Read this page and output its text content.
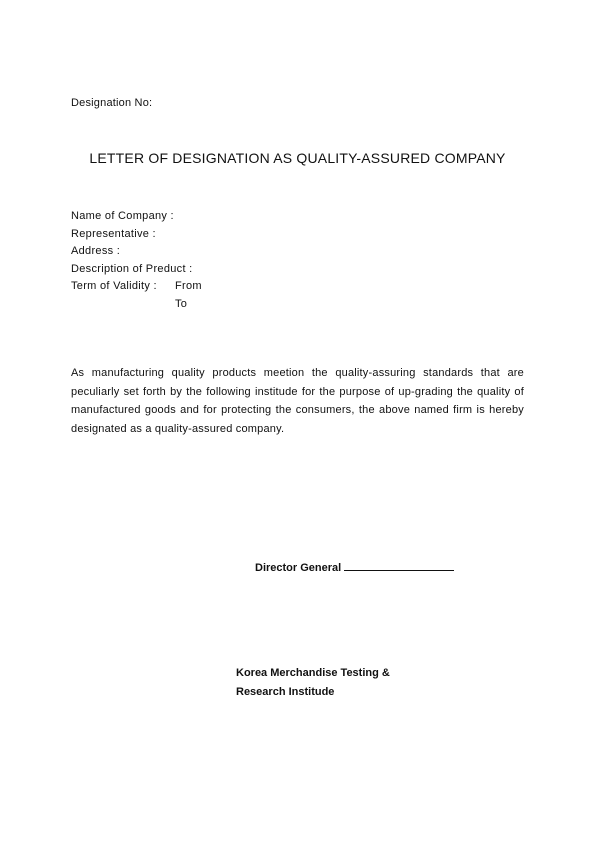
Designation No:
LETTER OF DESIGNATION AS QUALITY-ASSURED COMPANY
Name of Company :
Representative :
Address :
Description of Preduct :
Term of Validity : From
To

As manufacturing quality products meetion the quality-assuring standards that are peculiarly set forth by the following institude for the purpose of up-grading the quality of manufactured goods and for protecting the consumers, the above named firm is hereby designated as a quality-assured company.

Director General
Korea Merchandise Testing &
Research Institude
